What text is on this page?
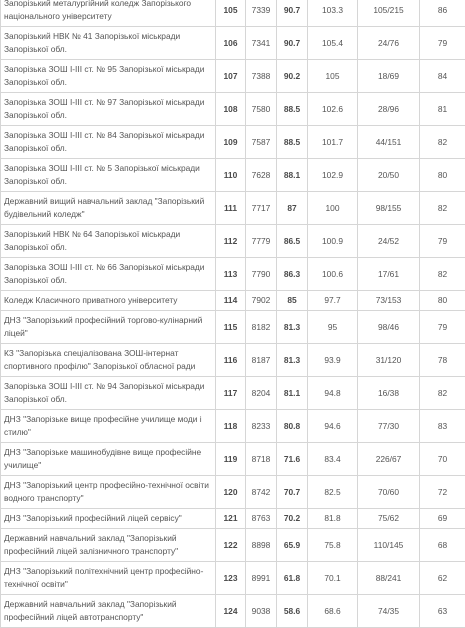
Запорізький металургійний коледж Запорізького національного університету	105	7339	90.7	103.3	105/215	86
Запорізький НВК № 41 Запорізької міськради Запорізької обл.	106	7341	90.7	105.4	24/76	79
Запорізька ЗОШ І-ІІІ ст. № 95 Запорізької міськради Запорізької обл.	107	7388	90.2	105	18/69	84
Запорізька ЗОШ І-ІІІ ст. № 97 Запорізької міськради Запорізької обл.	108	7580	88.5	102.6	28/96	81
Запорізька ЗОШ І-ІІІ ст. № 84 Запорізької міськради Запорізької обл.	109	7587	88.5	101.7	44/151	82
Запорізька ЗОШ І-ІІІ ст. № 5 Запорізької міськради Запорізької обл.	110	7628	88.1	102.9	20/50	80
Державний вищий навчальний заклад "Запорізький будівельний коледж"	111	7717	87	100	98/155	82
Запорізький НВК № 64 Запорізької міськради Запорізької обл.	112	7779	86.5	100.9	24/52	79
Запорізька ЗОШ І-ІІІ ст. № 66 Запорізької міськради Запорізької обл.	113	7790	86.3	100.6	17/61	82
Коледж Класичного приватного університету	114	7902	85	97.7	73/153	80
ДНЗ "Запорізький професійний торгово-кулінарний ліцей"	115	8182	81.3	95	98/46	79
КЗ "Запорізька спеціалізована ЗОШ-інтернат спортивного профілю" Запорізької обласної ради	116	8187	81.3	93.9	31/120	78
Запорізька ЗОШ І-ІІІ ст. № 94 Запорізької міськради Запорізької обл.	117	8204	81.1	94.8	16/38	82
ДНЗ "Запорізьке вище професійне училище моди і стилю"	118	8233	80.8	94.6	77/30	83
ДНЗ "Запорізьке машинобудівне вище професійне училище"	119	8718	71.6	83.4	226/67	70
ДНЗ "Запорізький центр професійно-технічної освіти водного транспорту"	120	8742	70.7	82.5	70/60	72
ДНЗ "Запорізький професійний ліцей сервісу"	121	8763	70.2	81.8	75/62	69
Державний навчальний заклад "Запорізький професійний ліцей залізничного транспорту"	122	8898	65.9	75.8	110/145	68
ДНЗ "Запорізький політехнічний центр професійно-технічної освіти"	123	8991	61.8	70.1	88/241	62
Державний навчальний заклад "Запорізький професійний ліцей автотранспорту"	124	9038	58.6	68.6	74/35	63
